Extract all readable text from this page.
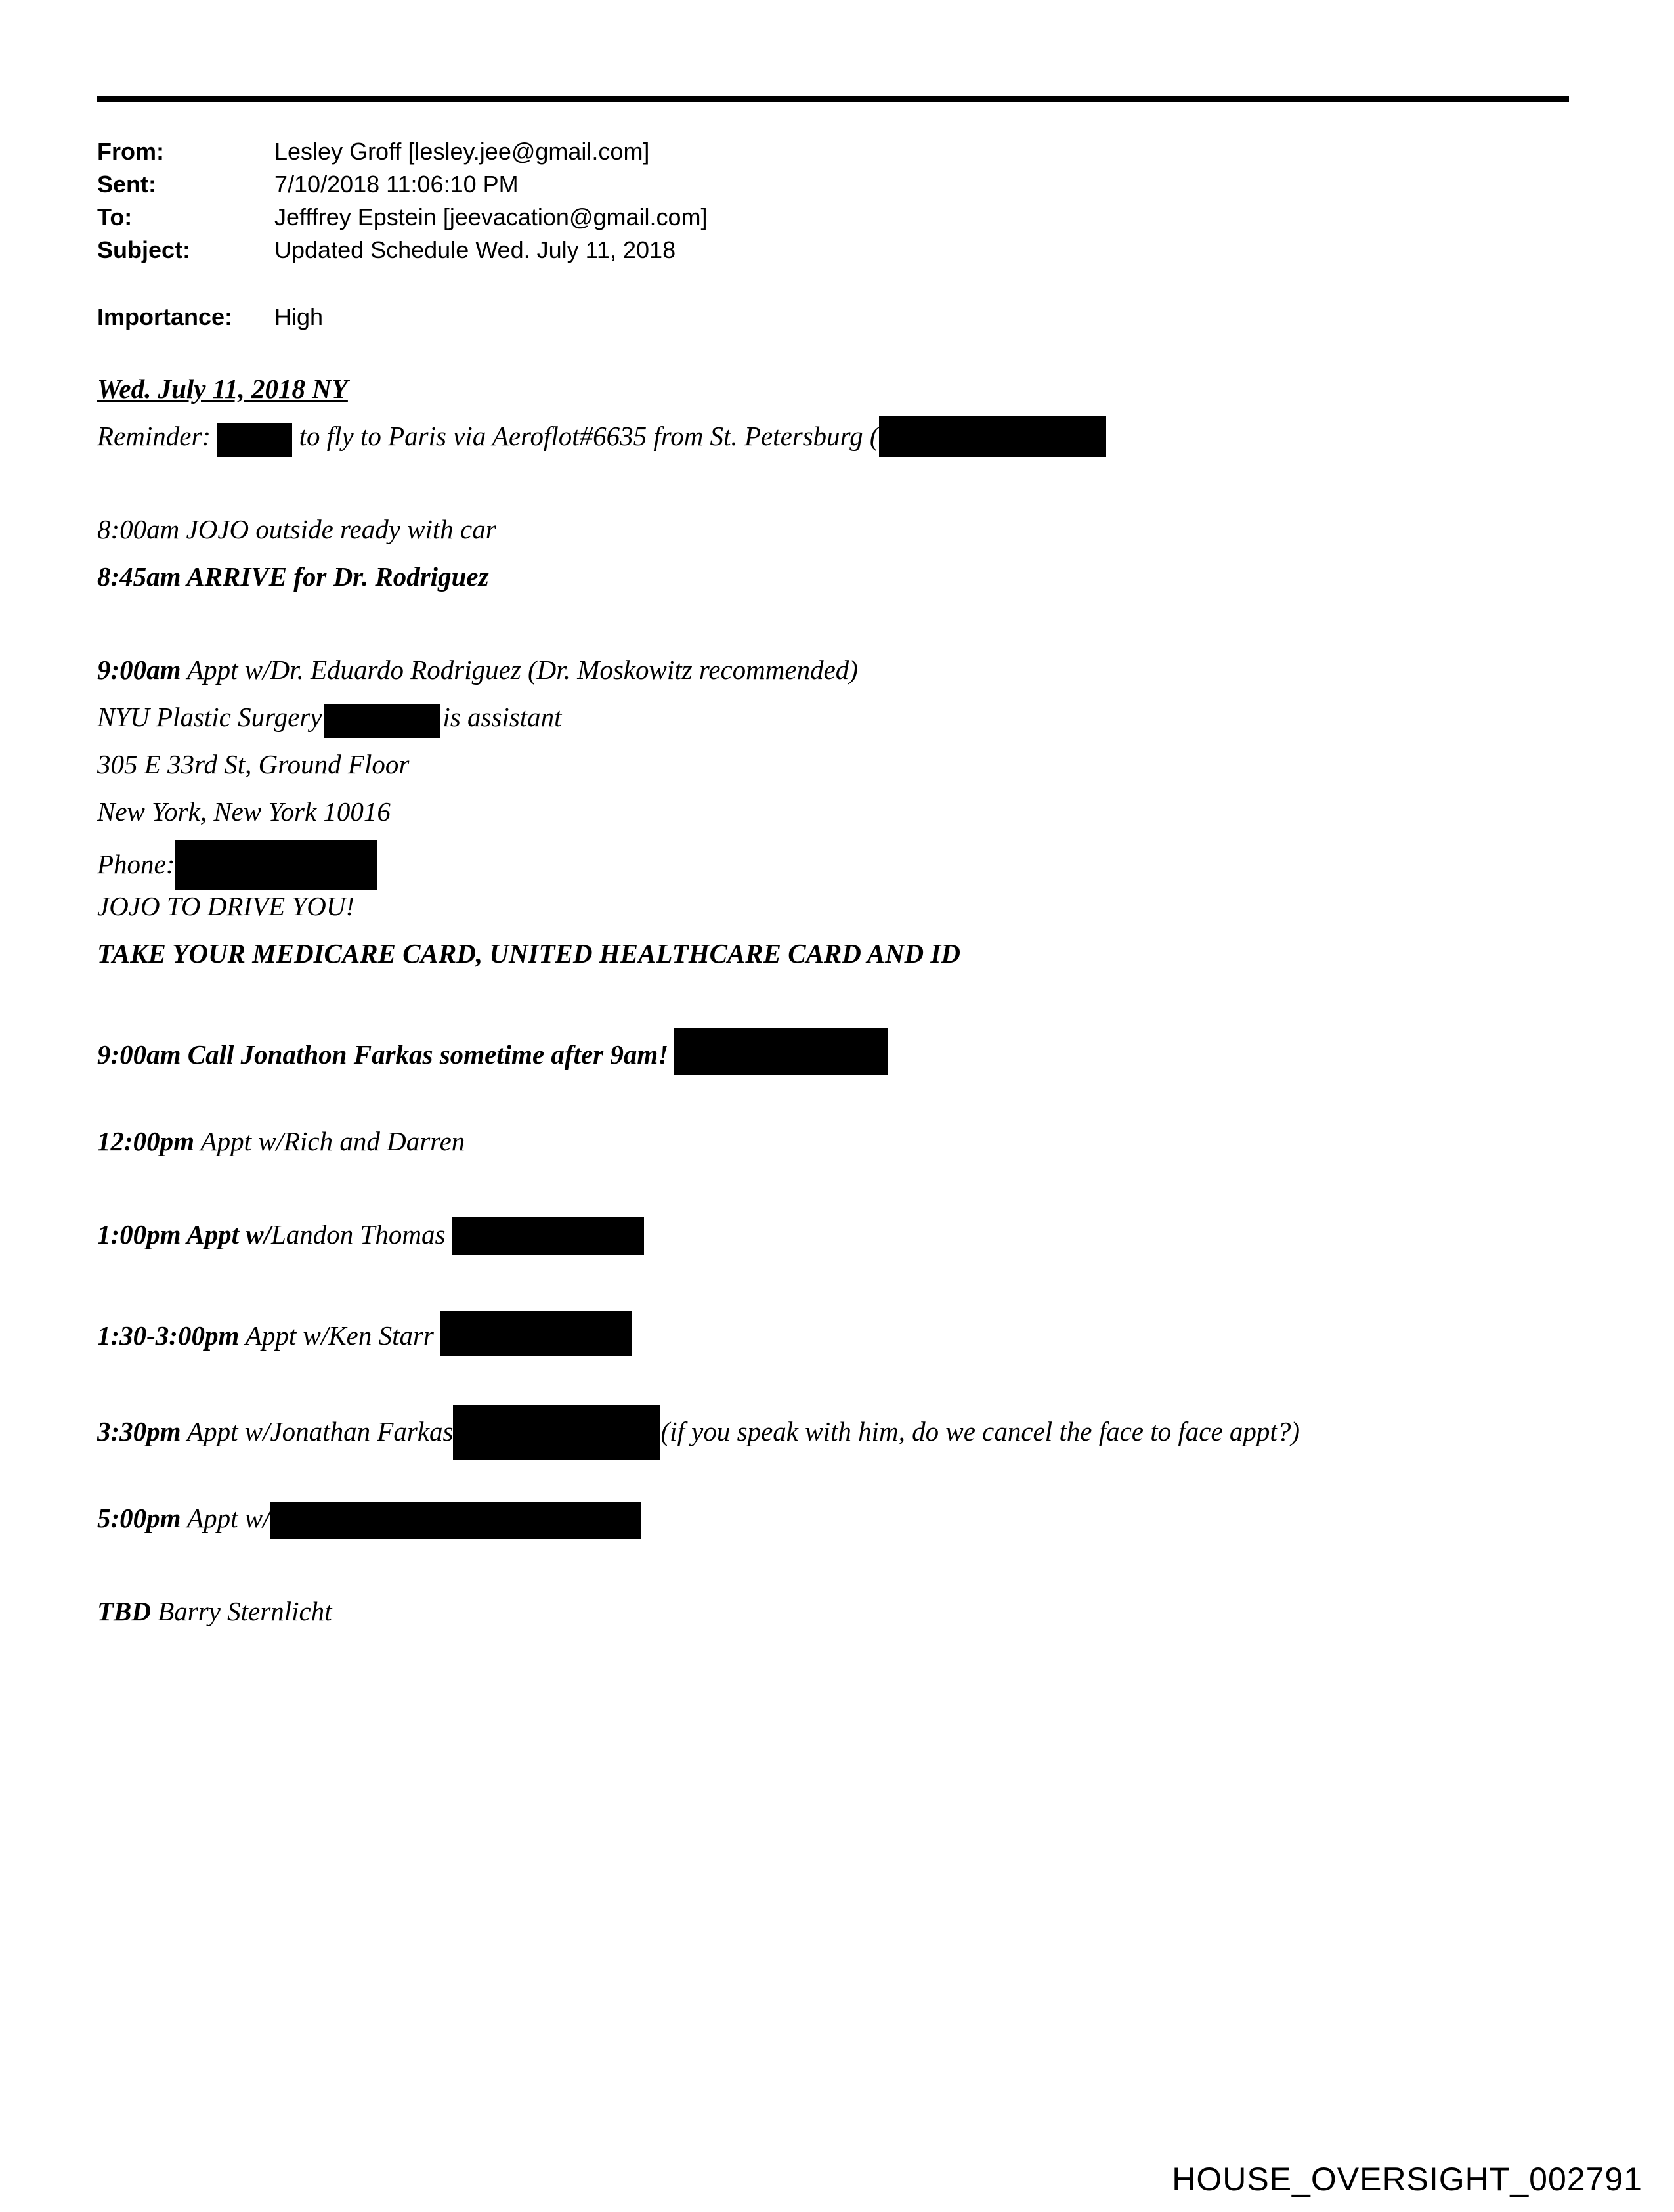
From:	Lesley Groff [lesley.jee@gmail.com]
Sent:	7/10/2018 11:06:10 PM
To:	Jefffrey Epstein [jeevacation@gmail.com]
Subject:	Updated Schedule Wed. July 11, 2018
Importance: High
Wed. July 11, 2018 NY
Reminder:	to fly to Paris via Aeroflot#6635 from St. Petersburg (
8:00am JOJO outside ready with car
8:45am ARRIVE for Dr. Rodriguez
9:00am Appt w/Dr. Eduardo Rodriguez (Dr. Moskowitz recommended)
NYU Plastic Surgery	is assistant
305 E 33rd St, Ground Floor
New York, New York 10016
Phone:
JOJO TO DRIVE YOU!
TAKE YOUR MEDICARE CARD, UNITED HEALTHCARE CARD AND ID
9:00am Call Jonathon Farkas sometime after 9am!
12:00pm Appt w/Rich and Darren
1:00pm Appt w/Landon Thomas
1:30-3:00pm Appt w/Ken Starr
3:30pm Appt w/Jonathan Farkas	(if you speak with him, do we cancel the face to face appt?)
5:00pm Appt w/
TBD Barry Sternlicht
HOUSE_OVERSIGHT_002791
